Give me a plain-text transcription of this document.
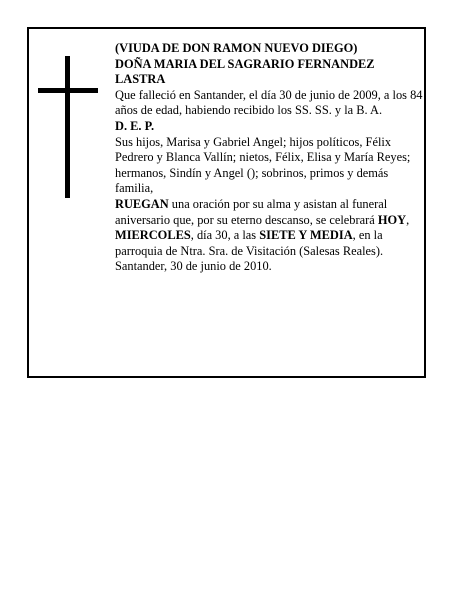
(VIUDA DE DON RAMON NUEVO DIEGO)

DOÑA MARIA DEL SAGRARIO FERNANDEZ LASTRA

Que falleció en Santander, el día 30 de junio de 2009, a los 84 años de edad, habiendo recibido los SS. SS. y la B. A.

D. E. P.

Sus hijos, Marisa y Gabriel Angel; hijos políticos, Félix Pedrero y Blanca Vallín; nietos, Félix, Elisa y María Reyes; hermanos, Sindín y Angel (); sobrinos, primos y demás familia,

RUEGAN una oración por su alma y asistan al funeral aniversario que, por su eterno descanso, se celebrará HOY, MIERCOLES, día 30, a las SIETE Y MEDIA, en la parroquia de Ntra. Sra. de Visitación (Salesas Reales).

Santander, 30 de junio de 2010.
